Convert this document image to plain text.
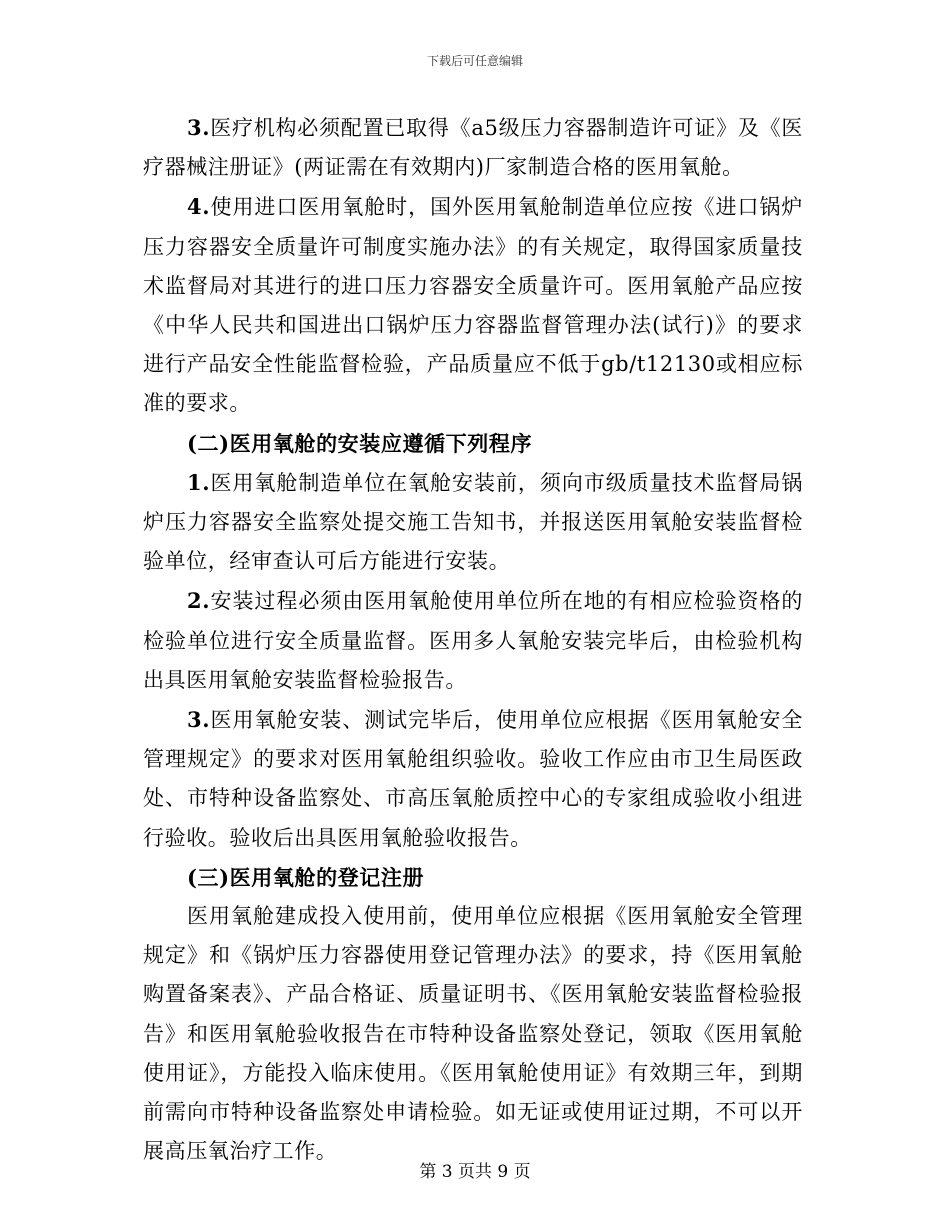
下载后可任意编辑

3.医疗机构必须配置已取得《a5级压力容器制造许可证》及《医疗器械注册证》(两证需在有效期内)厂家制造合格的医用氧舱。

4.使用进口医用氧舱时，国外医用氧舱制造单位应按《进口锅炉压力容器安全质量许可制度实施办法》的有关规定，取得国家质量技术监督局对其进行的进口压力容器安全质量许可。医用氧舱产品应按《中华人民共和国进出口锅炉压力容器监督管理办法(试行)》的要求进行产品安全性能监督检验，产品质量应不低于gb/t12130或相应标准的要求。

(二)医用氧舱的安装应遵循下列程序

1.医用氧舱制造单位在氧舱安装前，须向市级质量技术监督局锅炉压力容器安全监察处提交施工告知书，并报送医用氧舱安装监督检验单位，经审查认可后方能进行安装。

2.安装过程必须由医用氧舱使用单位所在地的有相应检验资格的检验单位进行安全质量监督。医用多人氧舱安装完毕后，由检验机构出具医用氧舱安装监督检验报告。

3.医用氧舱安装、测试完毕后，使用单位应根据《医用氧舱安全管理规定》的要求对医用氧舱组织验收。验收工作应由市卫生局医政处、市特种设备监察处、市高压氧舱质控中心的专家组成验收小组进行验收。验收后出具医用氧舱验收报告。

(三)医用氧舱的登记注册

医用氧舱建成投入使用前，使用单位应根据《医用氧舱安全管理规定》和《锅炉压力容器使用登记管理办法》的要求，持《医用氧舱购置备案表》、产品合格证、质量证明书、《医用氧舱安装监督检验报告》和医用氧舱验收报告在市特种设备监察处登记，领取《医用氧舱使用证》，方能投入临床使用。《医用氧舱使用证》有效期三年，到期前需向市特种设备监察处申请检验。如无证或使用证过期，不可以开展高压氧治疗工作。

第 3 页共 9 页
